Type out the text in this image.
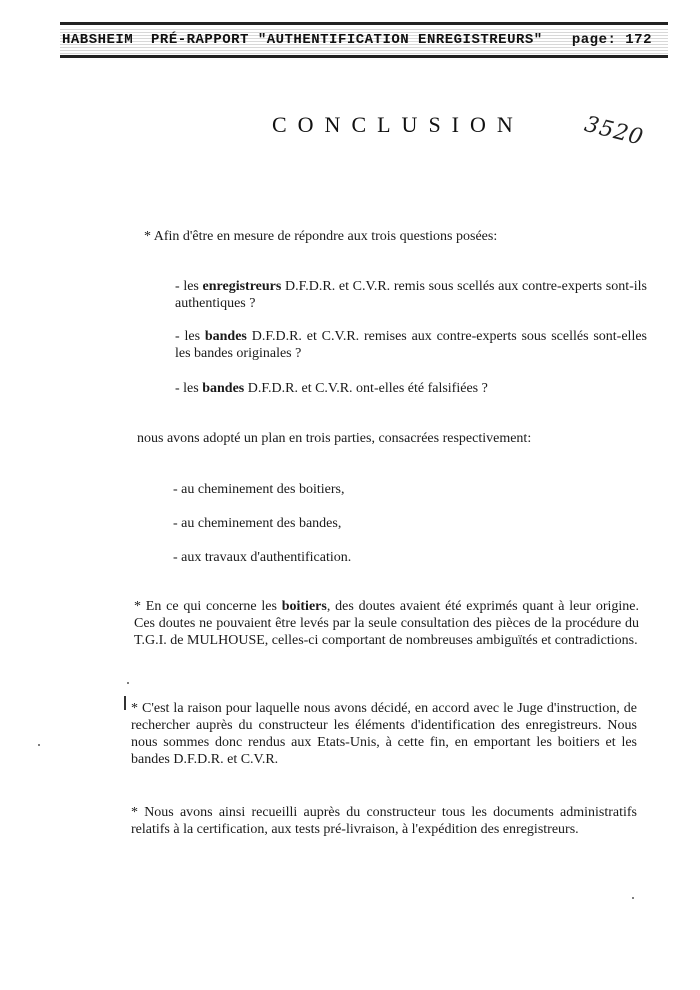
HABSHEIM  PRÉ-RAPPORT "AUTHENTIFICATION ENREGISTREURS" page: 172
CONCLUSION	3520
* Afin d'être en mesure de répondre aux trois questions posées:
- les enregistreurs D.F.D.R. et C.V.R. remis sous scellés aux contre-experts sont-ils authentiques ?
- les bandes D.F.D.R. et C.V.R. remises aux contre-experts sous scellés sont-elles les bandes originales ?
- les bandes D.F.D.R. et C.V.R. ont-elles été falsifiées ?
nous avons adopté un plan en trois parties, consacrées respectivement:
- au cheminement des boitiers,
- au cheminement des bandes,
- aux travaux d'authentification.
* En ce qui concerne les boitiers, des doutes avaient été exprimés quant à leur origine. Ces doutes ne pouvaient être levés par la seule consultation des pièces de la procédure du T.G.I. de MULHOUSE, celles-ci comportant de nombreuses ambiguïtés et contradictions.
* C'est la raison pour laquelle nous avons décidé, en accord avec le Juge d'instruction, de rechercher auprès du constructeur les éléments d'identification des enregistreurs. Nous nous sommes donc rendus aux Etats-Unis, à cette fin, en emportant les boitiers et les bandes D.F.D.R. et C.V.R.
* Nous avons ainsi recueilli auprès du constructeur tous les documents administratifs relatifs à la certification, aux tests pré-livraison, à l'expédition des enregistreurs.
